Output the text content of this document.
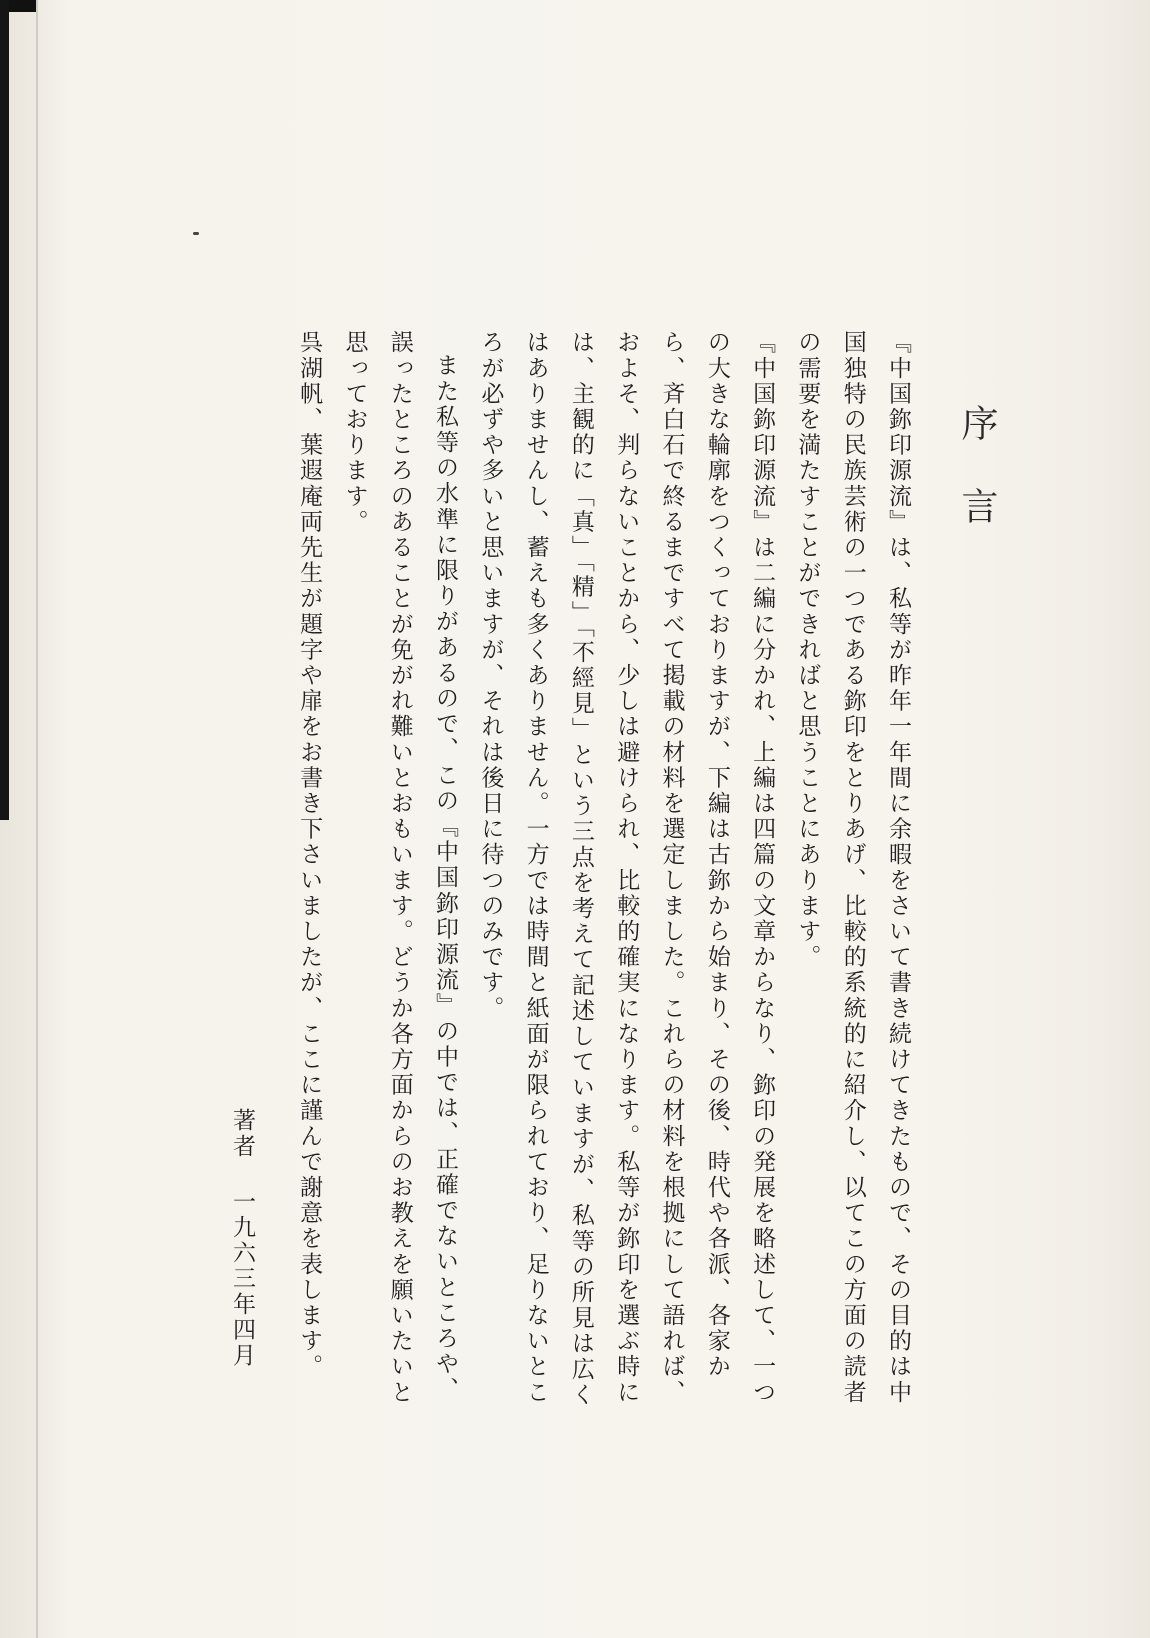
序言

『中国鉨印源流』は、私等が昨年一年間に余暇をさいて書き続けてきたもので、その目的は中国独特の民族芸術の一つである鉨印をとりあげ、比較的系統的に紹介し、以てこの方面の読者の需要を満たすことができればと思うことにあります。

『中国鉨印源流』は二編に分かれ、上編は四篇の文章からなり、鉨印の発展を略述して、一つの大きな輪廓をつくっておりますが、下編は古鉨から始まり、その後、時代や各派、各家から、斉白石で終るまですべて掲載の材料を選定しました。これらの材料を根拠にして語れば、およそ、判らないことから、少しは避けられ、比較的確実になります。私等が鉨印を選ぶ時には、主観的に「真」「精」「不經見」という三点を考えて記述していますが、私等の所見は広くはありませんし、蓄えも多くありません。一方では時間と紙面が限られており、足りないところが必ずや多いと思いますが、それは後日に待つのみです。

また私等の水準に限りがあるので、この『中国鉨印源流』の中では、正確でないところや、誤ったところのあることが免がれ難いとおもいます。どうか各方面からのお教えを願いたいと思っております。

呉湖帆、葉遐庵両先生が題字や扉をお書き下さいましたが、ここに謹んで謝意を表します。

著者一九六三年四月
